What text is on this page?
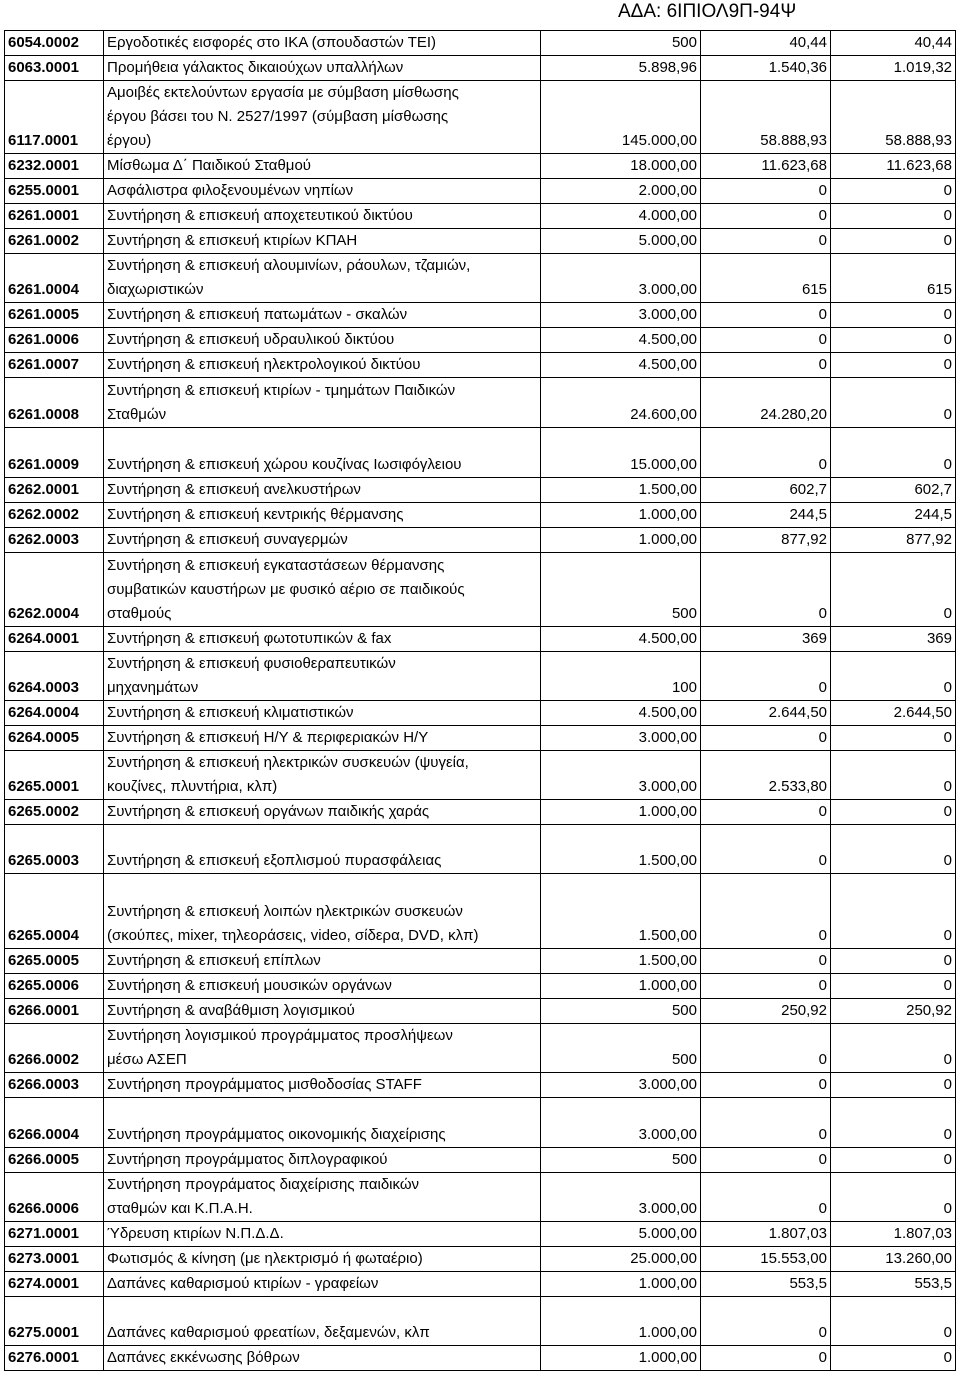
ΑΔΑ: 6ΙΠΙΟΛ9Π-94Ψ
6054.0002	Εργοδοτικές εισφορές στο ΙΚΑ (σπουδαστών ΤΕΙ)	500	40,44	40,44
6063.0001	Προμήθεια γάλακτος δικαιούχων υπαλλήλων	5.898,96	1.540,36	1.019,32
6117.0001
Αμοιβές εκτελούντων εργασία με σύμβαση μίσθωσης
έργου βάσει του Ν. 2527/1997 (σύμβαση μίσθωσης
έργου)	145.000,00	58.888,93	58.888,93
6232.0001	Μίσθωμα Δ΄ Παιδικού Σταθμού	18.000,00	11.623,68	11.623,68
6255.0001	Ασφάλιστρα φιλοξενουμένων νηπίων	2.000,00	0	0
6261.0001	Συντήρηση & επισκευή αποχετευτικού δικτύου	4.000,00	0	0
6261.0002	Συντήρηση & επισκευή κτιρίων ΚΠΑΗ	5.000,00	0	0
6261.0004
Συντήρηση & επισκευή αλουμινίων, ράουλων, τζαμιών,
διαχωριστικών	3.000,00	615	615
6261.0005	Συντήρηση & επισκευή πατωμάτων - σκαλών	3.000,00	0	0
6261.0006	Συντήρηση & επισκευή υδραυλικού δικτύου	4.500,00	0	0
6261.0007	Συντήρηση & επισκευή ηλεκτρολογικού δικτύου	4.500,00	0	0
6261.0008
Συντήρηση & επισκευή κτιρίων - τμημάτων Παιδικών
Σταθμών	24.600,00	24.280,20	0
6261.0009	Συντήρηση & επισκευή χώρου κουζίνας Ιωσιφόγλειου	15.000,00	0	0
6262.0001	Συντήρηση & επισκευή ανελκυστήρων	1.500,00	602,7	602,7
6262.0002	Συντήρηση & επισκευή κεντρικής θέρμανσης	1.000,00	244,5	244,5
6262.0003	Συντήρηση & επισκευή συναγερμών	1.000,00	877,92	877,92
6262.0004
Συντήρηση & επισκευή εγκαταστάσεων θέρμανσης
συμβατικών καυστήρων με φυσικό αέριο σε παιδικούς
σταθμούς	500	0	0
6264.0001	Συντήρηση & επισκευή φωτοτυπικών & fax	4.500,00	369	369
6264.0003
Συντήρηση & επισκευή φυσιοθεραπευτικών
μηχανημάτων	100	0	0
6264.0004	Συντήρηση & επισκευή κλιματιστικών	4.500,00	2.644,50	2.644,50
6264.0005	Συντήρηση & επισκευή Η/Υ & περιφεριακών Η/Υ	3.000,00	0	0
6265.0001
Συντήρηση & επισκευή ηλεκτρικών συσκευών (ψυγεία,
κουζίνες, πλυντήρια, κλπ)	3.000,00	2.533,80	0
6265.0002	Συντήρηση & επισκευή οργάνων παιδικής χαράς	1.000,00	0	0
6265.0003	Συντήρηση & επισκευή εξοπλισμού πυρασφάλειας	1.500,00	0	0
6265.0004
Συντήρηση & επισκευή λοιπών ηλεκτρικών συσκευών
(σκούπες, mixer, τηλεοράσεις, video, σίδερα, DVD, κλπ)	1.500,00	0	0
6265.0005	Συντήρηση & επισκευή επίπλων	1.500,00	0	0
6265.0006	Συντήρηση & επισκευή μουσικών οργάνων	1.000,00	0	0
6266.0001	Συντήρηση & αναβάθμιση λογισμικού	500	250,92	250,92
6266.0002
Συντήρηση λογισμικού προγράμματος προσλήψεων
μέσω ΑΣΕΠ	500	0	0
6266.0003	Συντήρηση προγράμματος μισθοδοσίας STAFF	3.000,00	0	0
6266.0004	Συντήρηση προγράμματος οικονομικής διαχείρισης	3.000,00	0	0
6266.0005	Συντήρηση προγράμματος διπλογραφικού	500	0	0
6266.0006
Συντήρηση προγράματος διαχείρισης παιδικών
σταθμών και Κ.Π.Α.Η.	3.000,00	0	0
6271.0001	Ύδρευση κτιρίων Ν.Π.Δ.Δ.	5.000,00	1.807,03	1.807,03
6273.0001	Φωτισμός & κίνηση (με ηλεκτρισμό ή φωταέριο)	25.000,00	15.553,00	13.260,00
6274.0001	Δαπάνες καθαρισμού κτιρίων - γραφείων	1.000,00	553,5	553,5
6275.0001	Δαπάνες καθαρισμού φρεατίων, δεξαμενών, κλπ	1.000,00	0	0
6276.0001	Δαπάνες εκκένωσης βόθρων	1.000,00	0	0
